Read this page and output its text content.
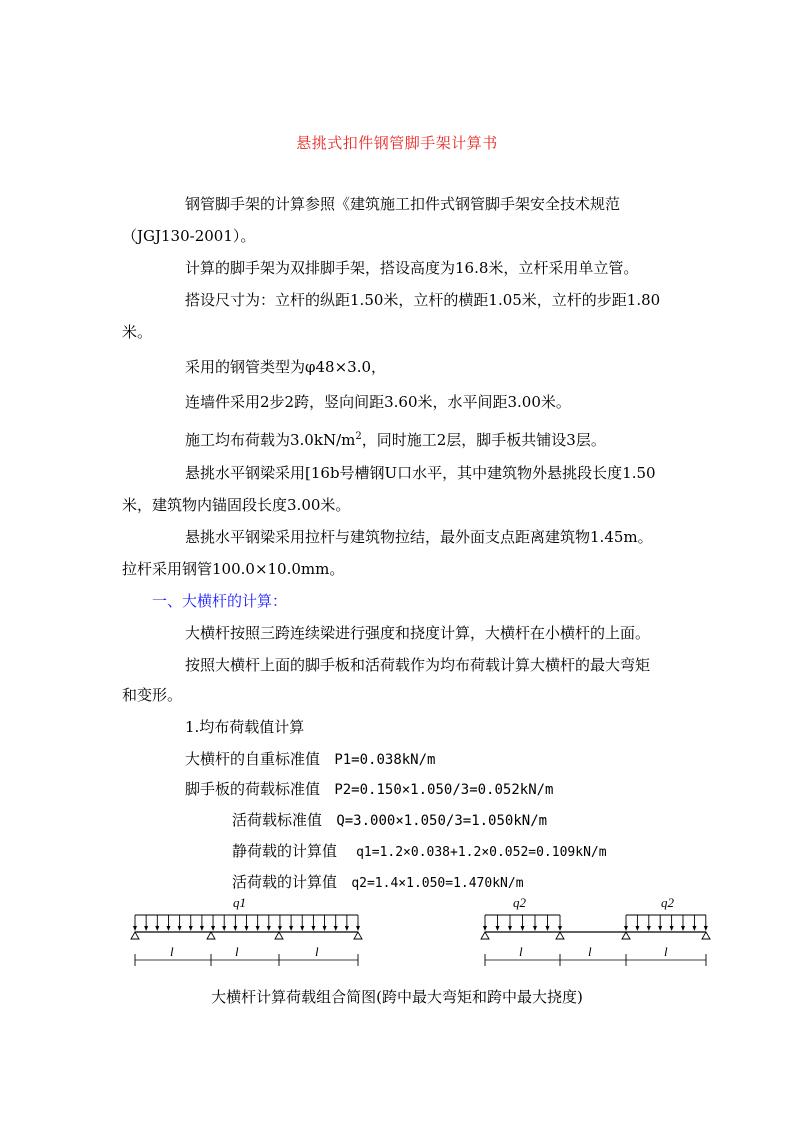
悬挑式扣件钢管脚手架计算书
钢管脚手架的计算参照《建筑施工扣件式钢管脚手架安全技术规范
（JGJ130-2001）。
计算的脚手架为双排脚手架，搭设高度为16.8米，立杆采用单立管。
搭设尺寸为：立杆的纵距1.50米，立杆的横距1.05米，立杆的步距1.80
米。
采用的钢管类型为φ48×3.0，
连墙件采用2步2跨，竖向间距3.60米，水平间距3.00米。
施工均布荷载为$3.0kN/m^2$，同时施工2层，脚手板共铺设3层。
悬挑水平钢梁采用[16b号槽钢U口水平，其中建筑物外悬挑段长度1.50
米，建筑物内锚固段长度3.00米。
悬挑水平钢梁采用拉杆与建筑物拉结，最外面支点距离建筑物1.45m。
拉杆采用钢管100.0×10.0mm。
一、大横杆的计算：
大横杆按照三跨连续梁进行强度和挠度计算，大横杆在小横杆的上面。
按照大横杆上面的脚手板和活荷载作为均布荷载计算大横杆的最大弯矩
和变形。
1.均布荷载值计算
大横杆的自重标准值 P1=0.038kN/m
脚手板的荷载标准值 P2=0.150×1.050/3=0.052kN/m
活荷载标准值 Q=3.000×1.050/3=1.050kN/m
静荷载的计算值 q1=1.2×0.038+1.2×0.052=0.109kN/m
活荷载的计算值 q2=1.4×1.050=1.470kN/m
q1
l	l	l
q2	q2
l	l	l
大横杆计算荷载组合简图(跨中最大弯矩和跨中最大挠度)
